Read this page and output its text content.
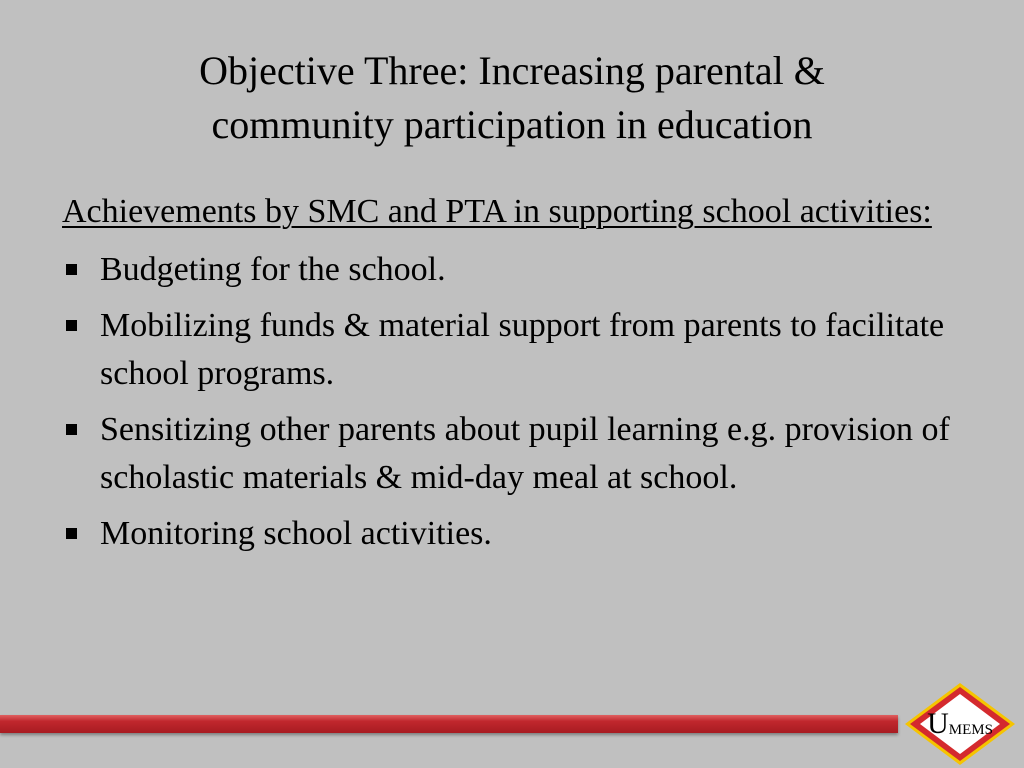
Objective Three: Increasing parental &
community participation in education

Achievements by SMC and PTA in supporting school activities:

Budgeting for the school.
Mobilizing funds & material support from parents to facilitate school programs.
Sensitizing other parents about pupil learning e.g. provision of scholastic materials & mid-day meal at school.
Monitoring school activities.
U MEMS
